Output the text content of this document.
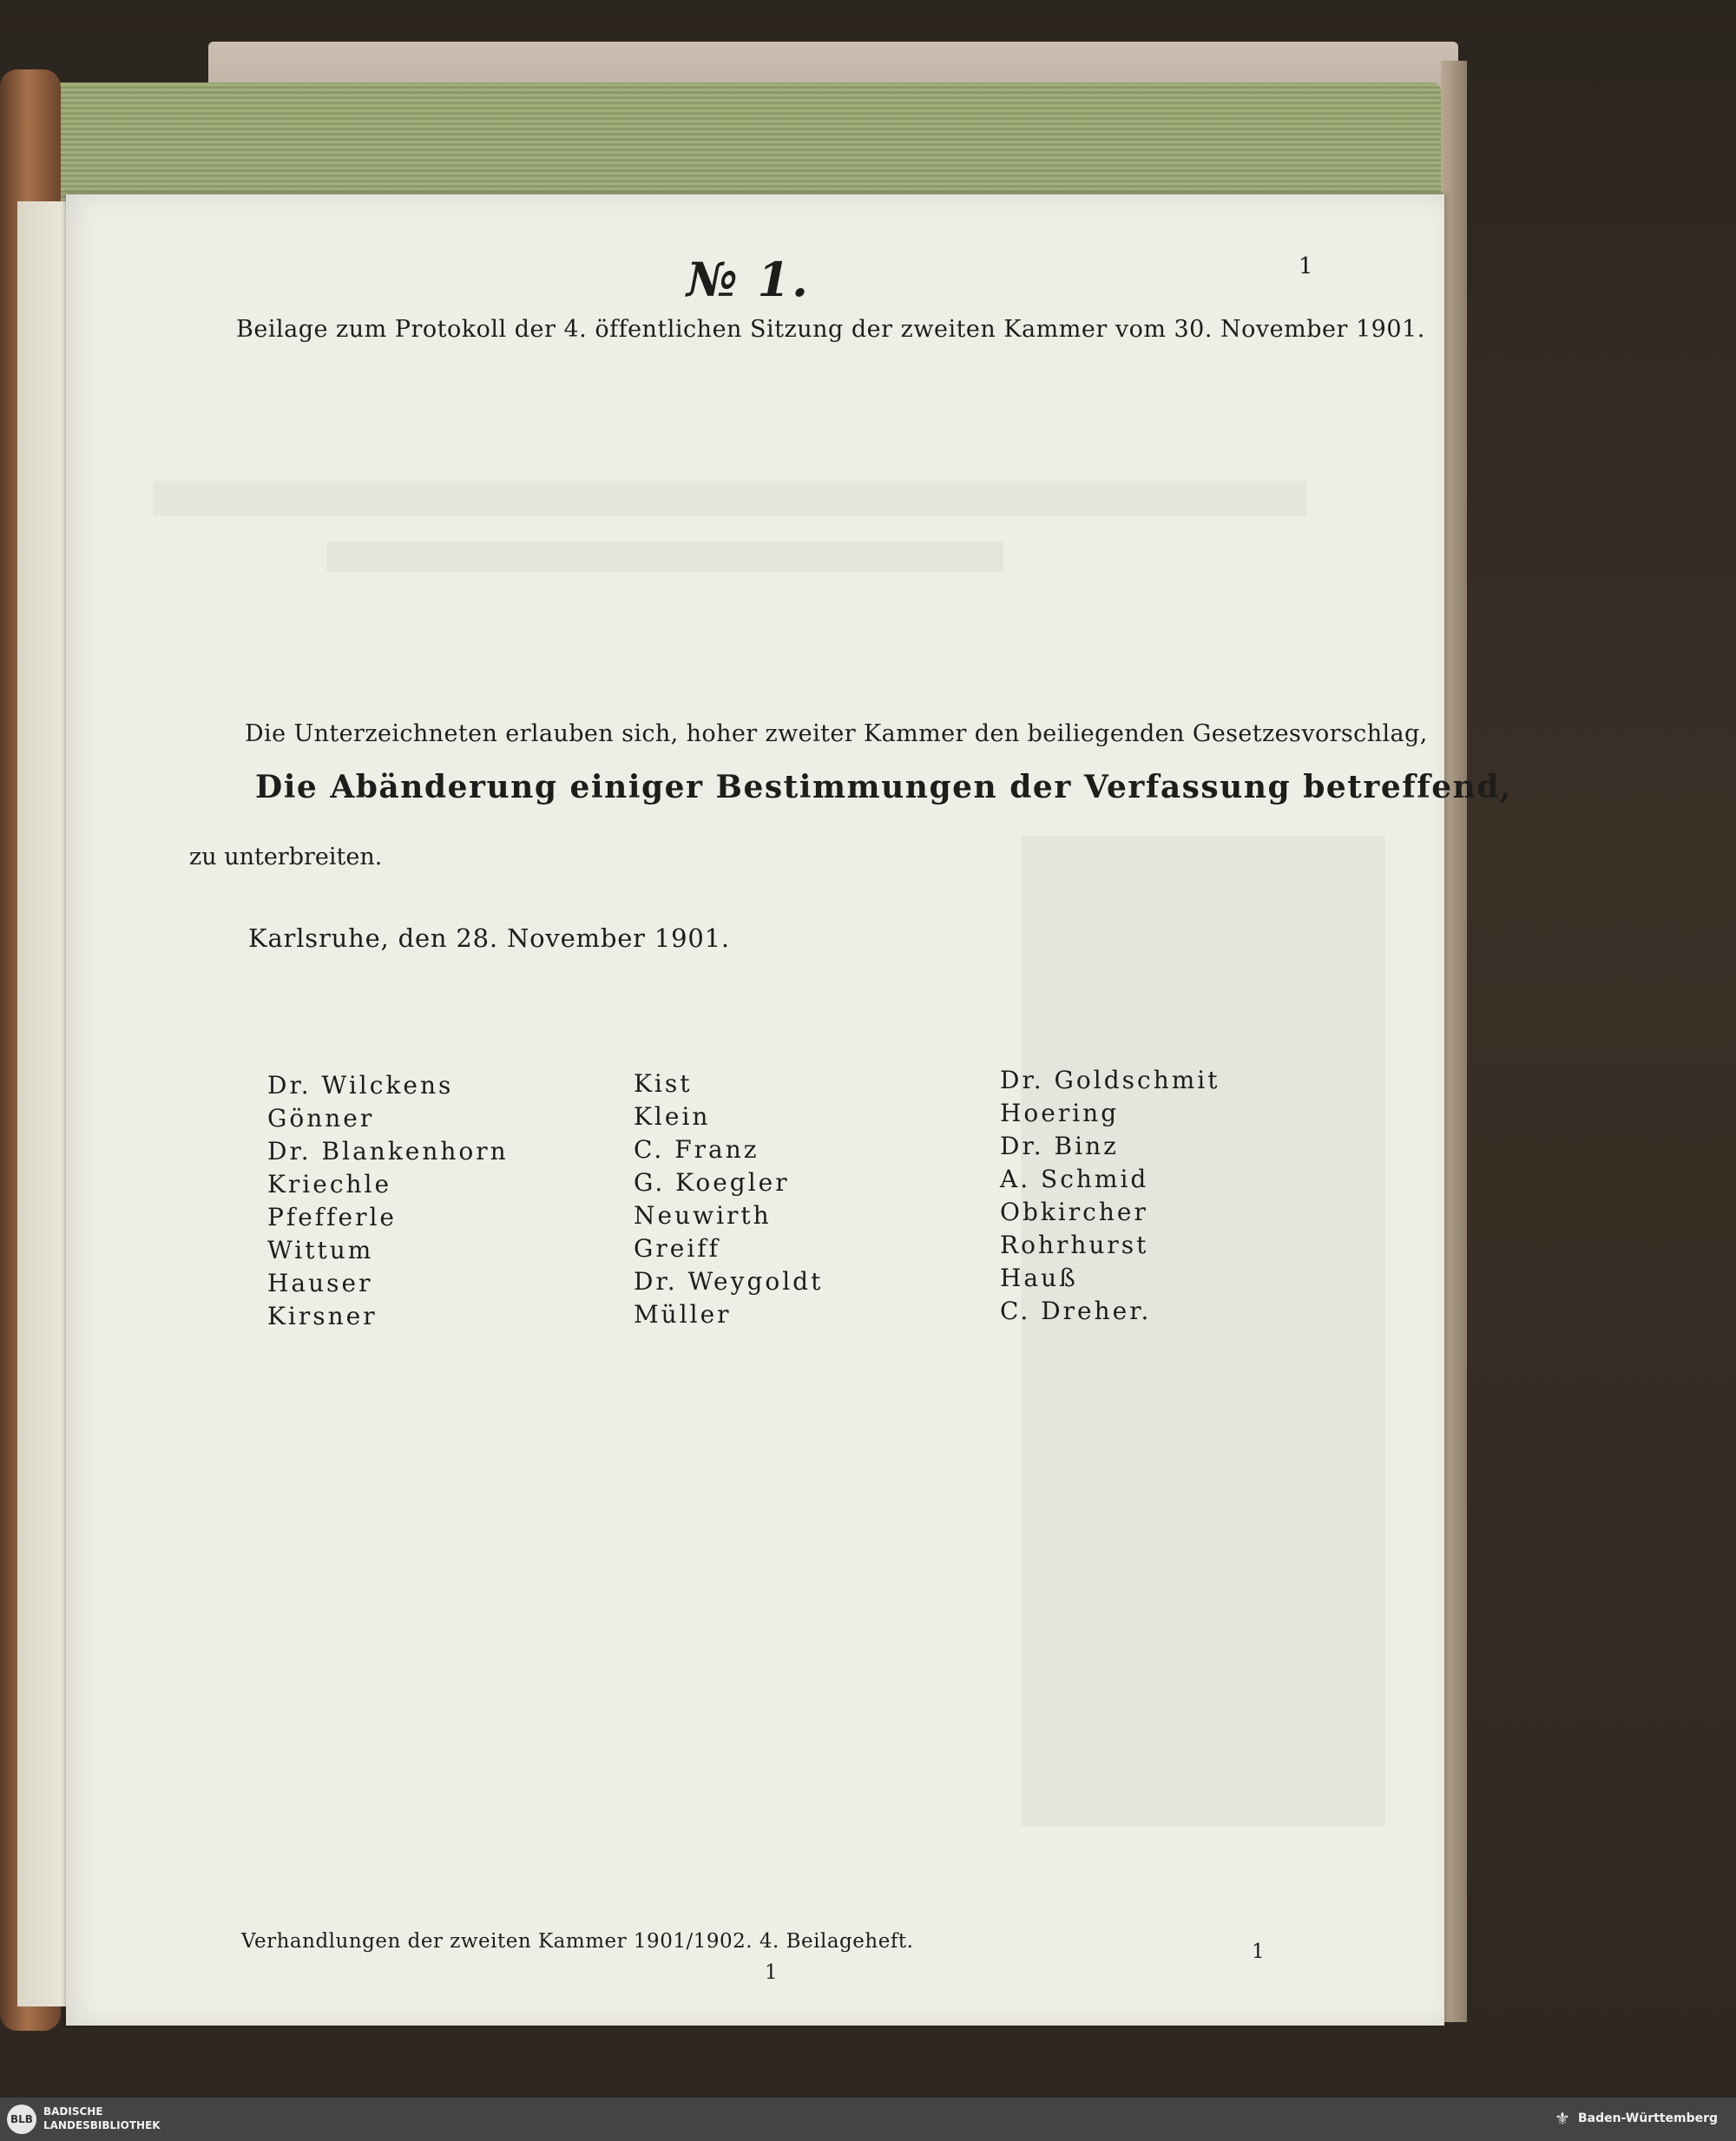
№ 1.	1

Beilage zum Protokoll der 4. öffentlichen Sitzung der zweiten Kammer vom 30. November 1901.

Die Unterzeichneten erlauben sich, hoher zweiter Kammer den beiliegenden Gesetzesvorschlag,

Die Abänderung einiger Bestimmungen der Verfassung betreffend,

zu unterbreiten.

Karlsruhe, den 28. November 1901.

Dr. Wilckens

Gönner

Dr. Blankenhorn

Kriechle

Pfefferle

Wittum

Hauser

Kirsner

Kist

Klein

C. Franz

G. Koegler

Neuwirth

Greiff

Dr. Weygoldt

Müller

Dr. Goldschmit

Hoering

Dr. Binz

A. Schmid

Obkircher

Rohrhurst

Hauß

C. Dreher.

Verhandlungen der zweiten Kammer 1901/1902. 4. Beilageheft.

1

1

BLB
BADISCHE
LANDESBIBLIOTHEK	⚜ Baden-Württemberg
